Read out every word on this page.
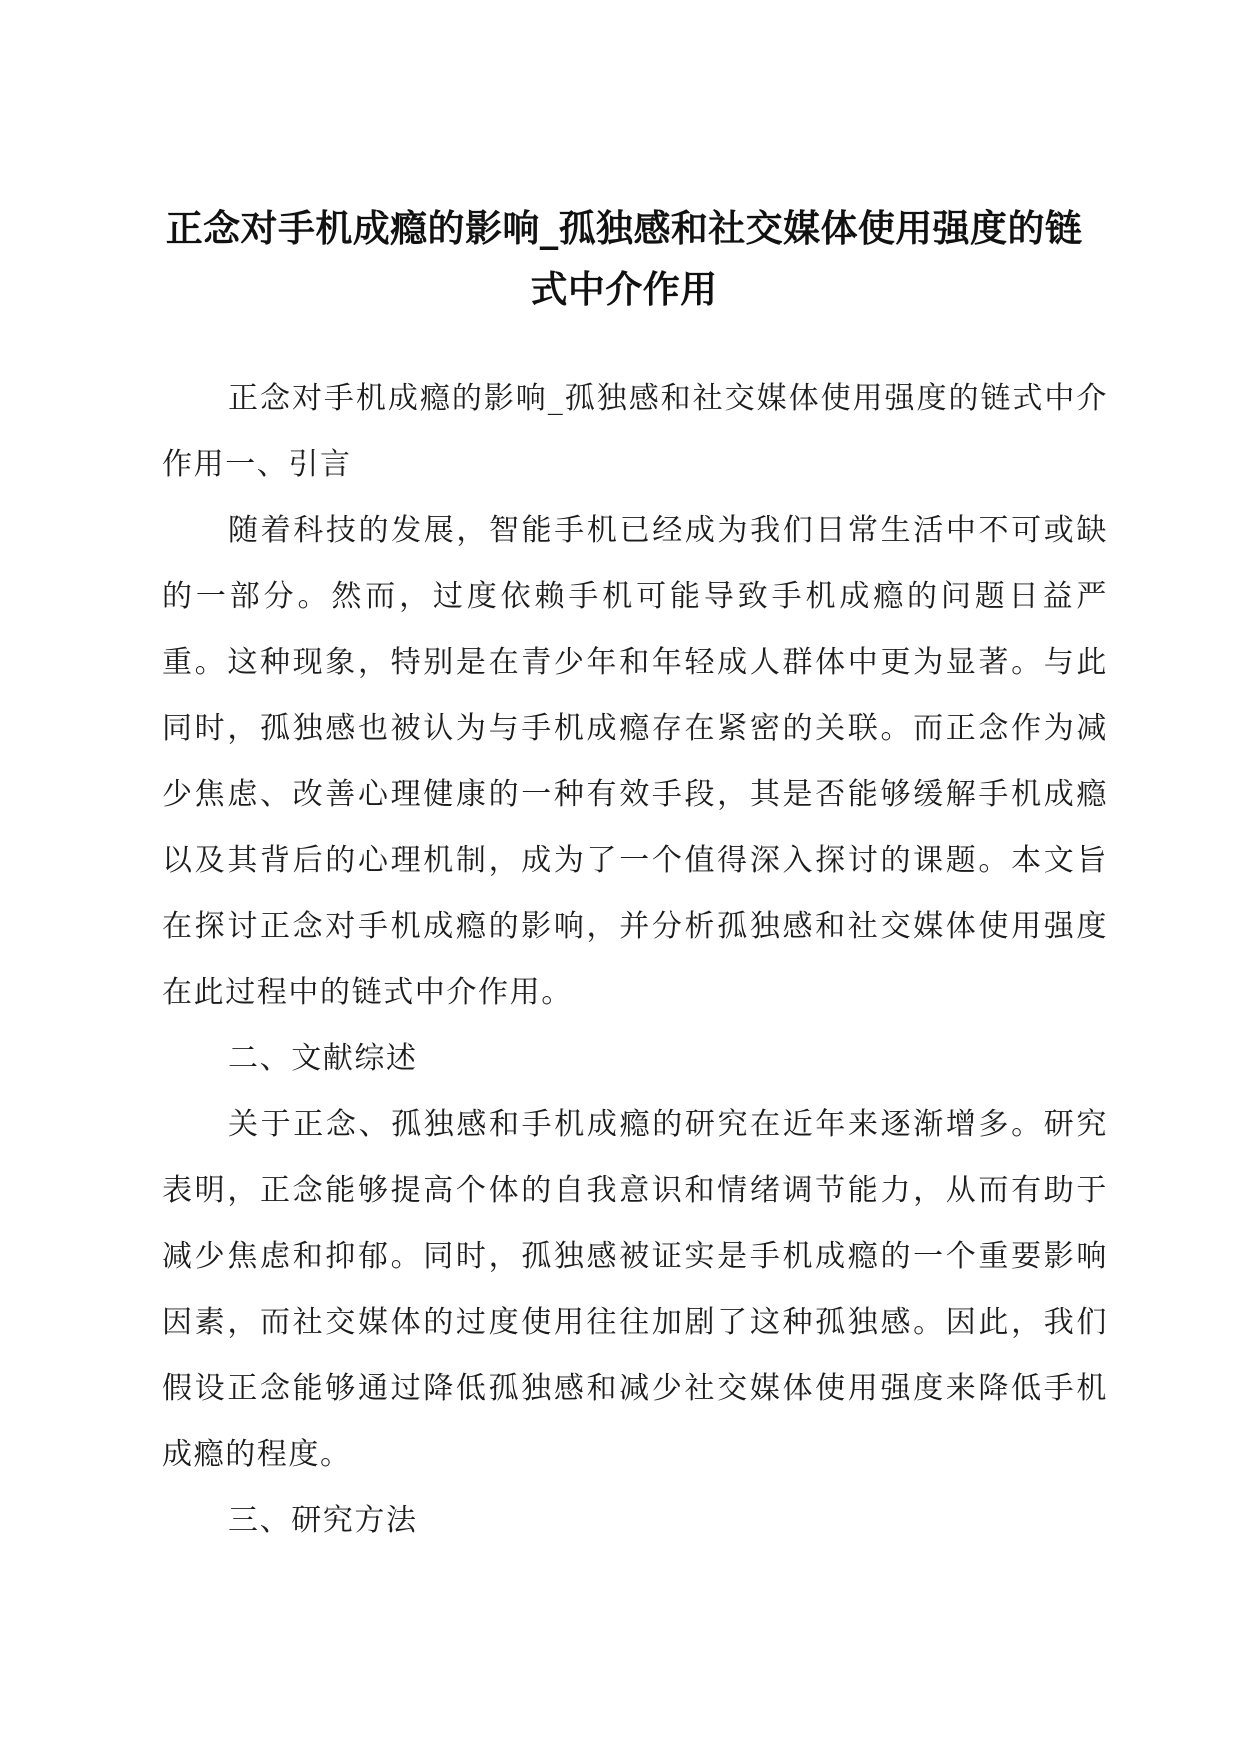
正念对手机成瘾的影响_孤独感和社交媒体使用强度的链式中介作用

正念对手机成瘾的影响_孤独感和社交媒体使用强度的链式中介作用一、引言

随着科技的发展，智能手机已经成为我们日常生活中不可或缺的一部分。然而，过度依赖手机可能导致手机成瘾的问题日益严重。这种现象，特别是在青少年和年轻成人群体中更为显著。与此同时，孤独感也被认为与手机成瘾存在紧密的关联。而正念作为减少焦虑、改善心理健康的一种有效手段，其是否能够缓解手机成瘾以及其背后的心理机制，成为了一个值得深入探讨的课题。本文旨在探讨正念对手机成瘾的影响，并分析孤独感和社交媒体使用强度在此过程中的链式中介作用。

二、文献综述

关于正念、孤独感和手机成瘾的研究在近年来逐渐增多。研究表明，正念能够提高个体的自我意识和情绪调节能力，从而有助于减少焦虑和抑郁。同时，孤独感被证实是手机成瘾的一个重要影响因素，而社交媒体的过度使用往往加剧了这种孤独感。因此，我们假设正念能够通过降低孤独感和减少社交媒体使用强度来降低手机成瘾的程度。

三、研究方法
